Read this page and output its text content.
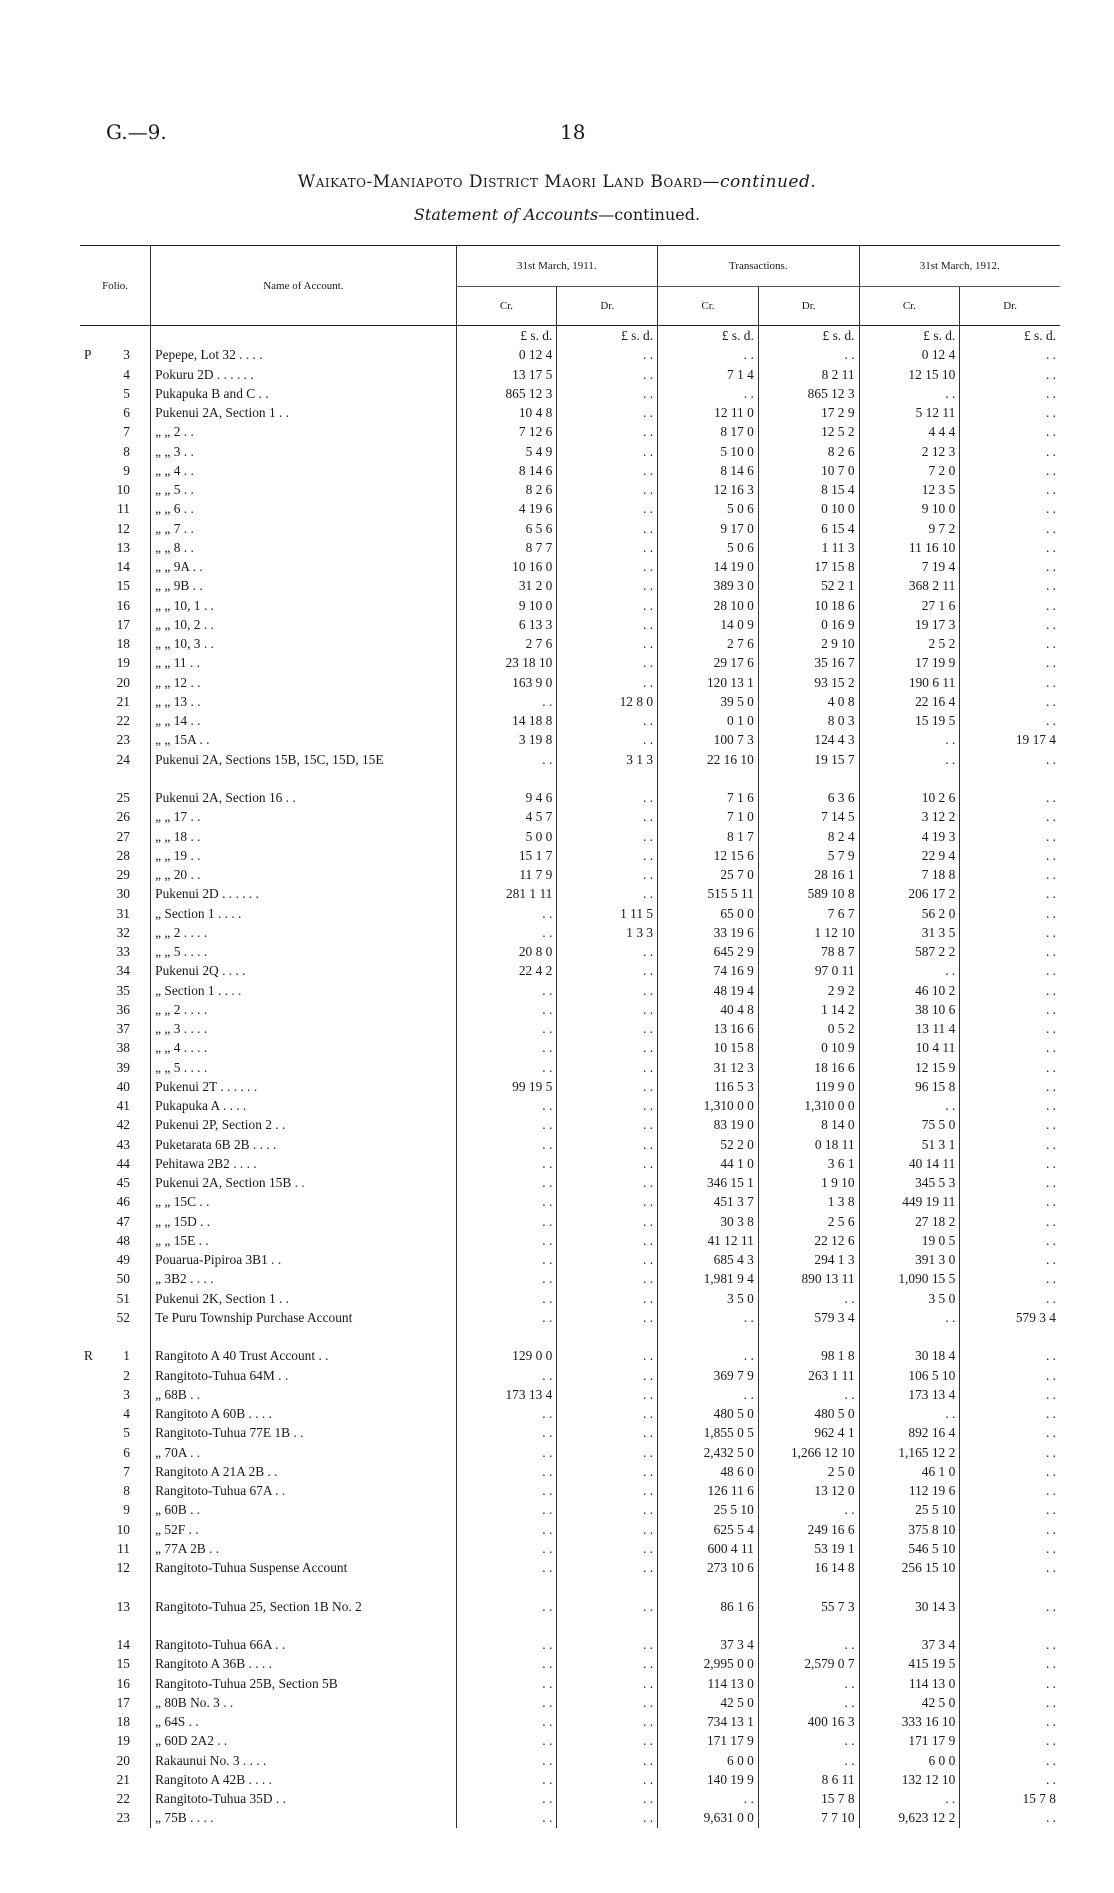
G.—9.	18
Waikato-Maniapoto District Maori Land Board—continued.
Statement of Accounts—continued.
Folio.	Name of Account.	31st March, 1911.		Transactions.		31st March, 1912.	
		Cr.	Dr.	Cr.	Dr.	Cr.	Dr.
		£ s. d.	£ s. d.	£ s. d.	£ s. d.	£ s. d.	£ s. d.
P 3	Pepepe, Lot 32 . . . .	0 12 4	. .	. .	. .	0 12 4	. .
4	Pokuru 2D . . . . . .	13 17 5	. .	7 1 4	8 2 11	12 15 10	. .
5	Pukapuka B and C . .	865 12 3	. .	. .	865 12 3	. .	. .
6	Pukenui 2A, Section 1 . .	10 4 8	. .	12 11 0	17 2 9	5 12 11	. .
7	„ „ 2 . .	7 12 6	. .	8 17 0	12 5 2	4 4 4	. .
8	„ „ 3 . .	5 4 9	. .	5 10 0	8 2 6	2 12 3	. .
9	„ „ 4 . .	8 14 6	. .	8 14 6	10 7 0	7 2 0	. .
10	„ „ 5 . .	8 2 6	. .	12 16 3	8 15 4	12 3 5	. .
11	„ „ 6 . .	4 19 6	. .	5 0 6	0 10 0	9 10 0	. .
12	„ „ 7 . .	6 5 6	. .	9 17 0	6 15 4	9 7 2	. .
13	„ „ 8 . .	8 7 7	. .	5 0 6	1 11 3	11 16 10	. .
14	„ „ 9A . .	10 16 0	. .	14 19 0	17 15 8	7 19 4	. .
15	„ „ 9B . .	31 2 0	. .	389 3 0	52 2 1	368 2 11	. .
16	„ „ 10, 1 . .	9 10 0	. .	28 10 0	10 18 6	27 1 6	. .
17	„ „ 10, 2 . .	6 13 3	. .	14 0 9	0 16 9	19 17 3	. .
18	„ „ 10, 3 . .	2 7 6	. .	2 7 6	2 9 10	2 5 2	. .
19	„ „ 11 . .	23 18 10	. .	29 17 6	35 16 7	17 19 9	. .
20	„ „ 12 . .	163 9 0	. .	120 13 1	93 15 2	190 6 11	. .
21	„ „ 13 . .	. .	12 8 0	39 5 0	4 0 8	22 16 4	. .
22	„ „ 14 . .	14 18 8	. .	0 1 0	8 0 3	15 19 5	. .
23	„ „ 15A . .	3 19 8	. .	100 7 3	124 4 3	. .	19 17 4
24	Pukenui 2A, Sections 15B, 15C, 15D, 15E	. .	3 1 3	22 16 10	19 15 7	. .	. .
25	Pukenui 2A, Section 16 . .	9 4 6	. .	7 1 6	6 3 6	10 2 6	. .
26	„ „ 17 . .	4 5 7	. .	7 1 0	7 14 5	3 12 2	. .
27	„ „ 18 . .	5 0 0	. .	8 1 7	8 2 4	4 19 3	. .
28	„ „ 19 . .	15 1 7	. .	12 15 6	5 7 9	22 9 4	. .
29	„ „ 20 . .	11 7 9	. .	25 7 0	28 16 1	7 18 8	. .
30	Pukenui 2D . . . . . .	281 1 11	. .	515 5 11	589 10 8	206 17 2	. .
31	„ Section 1 . . . .	. .	1 11 5	65 0 0	7 6 7	56 2 0	. .
32	„ „ 2 . . . .	. .	1 3 3	33 19 6	1 12 10	31 3 5	. .
33	„ „ 5 . . . .	20 8 0	. .	645 2 9	78 8 7	587 2 2	. .
34	Pukenui 2Q . . . .	22 4 2	. .	74 16 9	97 0 11	. .	. .
35	„ Section 1 . . . .	. .	. .	48 19 4	2 9 2	46 10 2	. .
36	„ „ 2 . . . .	. .	. .	40 4 8	1 14 2	38 10 6	. .
37	„ „ 3 . . . .	. .	. .	13 16 6	0 5 2	13 11 4	. .
38	„ „ 4 . . . .	. .	. .	10 15 8	0 10 9	10 4 11	. .
39	„ „ 5 . . . .	. .	. .	31 12 3	18 16 6	12 15 9	. .
40	Pukenui 2T . . . . . .	99 19 5	. .	116 5 3	119 9 0	96 15 8	. .
41	Pukapuka A . . . .	. .	. .	1,310 0 0	1,310 0 0	. .	. .
42	Pukenui 2P, Section 2 . .	. .	. .	83 19 0	8 14 0	75 5 0	. .
43	Puketarata 6B 2B . . . .	. .	. .	52 2 0	0 18 11	51 3 1	. .
44	Pehitawa 2B2 . . . .	. .	. .	44 1 0	3 6 1	40 14 11	. .
45	Pukenui 2A, Section 15B . .	. .	. .	346 15 1	1 9 10	345 5 3	. .
46	„ „ 15C . .	. .	. .	451 3 7	1 3 8	449 19 11	. .
47	„ „ 15D . .	. .	. .	30 3 8	2 5 6	27 18 2	. .
48	„ „ 15E . .	. .	. .	41 12 11	22 12 6	19 0 5	. .
49	Pouarua-Pipiroa 3B1 . .	. .	. .	685 4 3	294 1 3	391 3 0	. .
50	„ 3B2 . . . .	. .	. .	1,981 9 4	890 13 11	1,090 15 5	. .
51	Pukenui 2K, Section 1 . .	. .	. .	3 5 0	. .	3 5 0	. .
52	Te Puru Township Purchase Account	. .	. .	. .	579 3 4	. .	579 3 4
R 1	Rangitoto A 40 Trust Account . .	129 0 0	. .	. .	98 1 8	30 18 4	. .
2	Rangitoto-Tuhua 64M . .	. .	. .	369 7 9	263 1 11	106 5 10	. .
3	„ 68B . .	173 13 4	. .	. .	. .	173 13 4	. .
4	Rangitoto A 60B . . . .	. .	. .	480 5 0	480 5 0	. .	. .
5	Rangitoto-Tuhua 77E 1B . .	. .	. .	1,855 0 5	962 4 1	892 16 4	. .
6	„ 70A . .	. .	. .	2,432 5 0	1,266 12 10	1,165 12 2	. .
7	Rangitoto A 21A 2B . .	. .	. .	48 6 0	2 5 0	46 1 0	. .
8	Rangitoto-Tuhua 67A . .	. .	. .	126 11 6	13 12 0	112 19 6	. .
9	„ 60B . .	. .	. .	25 5 10	. .	25 5 10	. .
10	„ 52F . .	. .	. .	625 5 4	249 16 6	375 8 10	. .
11	„ 77A 2B . .	. .	. .	600 4 11	53 19 1	546 5 10	. .
12	Rangitoto-Tuhua Suspense Account	. .	. .	273 10 6	16 14 8	256 15 10	. .
13	Rangitoto-Tuhua 25, Section 1B No. 2	. .	. .	86 1 6	55 7 3	30 14 3	. .
14	Rangitoto-Tuhua 66A . .	. .	. .	37 3 4	. .	37 3 4	. .
15	Rangitoto A 36B . . . .	. .	. .	2,995 0 0	2,579 0 7	415 19 5	. .
16	Rangitoto-Tuhua 25B, Section 5B	. .	. .	114 13 0	. .	114 13 0	. .
17	„ 80B No. 3 . .	. .	. .	42 5 0	. .	42 5 0	. .
18	„ 64S . .	. .	. .	734 13 1	400 16 3	333 16 10	. .
19	„ 60D 2A2 . .	. .	. .	171 17 9	. .	171 17 9	. .
20	Rakaunui No. 3 . . . .	. .	. .	6 0 0	. .	6 0 0	. .
21	Rangitoto A 42B . . . .	. .	. .	140 19 9	8 6 11	132 12 10	. .
22	Rangitoto-Tuhua 35D . .	. .	. .	. .	15 7 8	. .	15 7 8
23	„ 75B . . . .	. .	. .	9,631 0 0	7 7 10	9,623 12 2	. .
